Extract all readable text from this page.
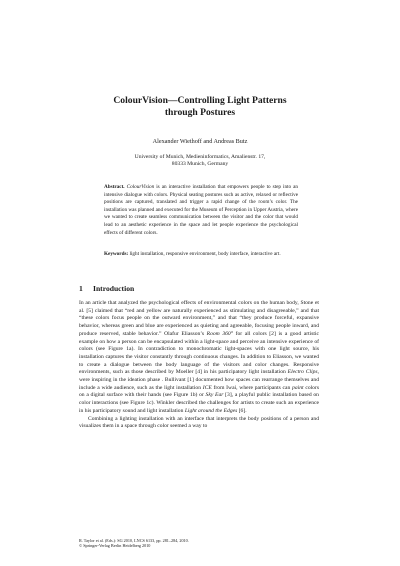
ColourVision—Controlling Light Patterns
through Postures
Alexander Wiethoff and Andreas Butz
University of Munich, Medieninformatics, Amalienstr. 17,
80333 Munich, Germany
Abstract. ColourVision is an interactive installation that empowers people to step into an intensive dialogue with colors. Physical seating postures such as active, relaxed or reflective positions are captured, translated and trigger a rapid change of the room’s color. The installation was planned and executed for the Museum of Perception in Upper Austria, where we wanted to create seamless communication between the visitor and the color that would lead to an aesthetic experience in the space and let people experience the psychological effects of different colors.
Keywords: light installation, responsive environment, body interface, interactive art.
1 Introduction

In an article that analyzed the psychological effects of environmental colors on the human body, Stone et al. [5] claimed that “red and yellow are naturally experienced as stimulating and disagreeable,” and that “these colors focus people on the outward environment,” and that “they produce forceful, expansive behavior, whereas green and blue are experienced as quieting and agreeable, focusing people inward, and produce reserved, stable behavior.” Olafur Eliasson’s Room 360° for all colors [2] is a good artistic example on how a person can be encapsulated within a light-space and perceive an intensive experience of colors (see Figure 1a). In contradiction to monochromatic light-spaces with one light source, his installation captures the visitor constantly through continuous changes. In addition to Eliasson, we wanted to create a dialogue between the body language of the visitors and color changes. Responsive environments, such as those described by Moeller [4] in his participatory light installation Electro Clips, were inspiring in the ideation phase . Bullivant [1] documented how spaces can rearrange themselves and include a wide audience, such as the light installation ICE from Iwai, where participants can paint colors on a digital surface with their hands (see Figure 1b) or Sky Ear [3], a playful public installation based on color interactions (see Figure 1c). Winkler described the challenges for artists to create such an experience in his participatory sound and light installation Light around the Edges [6].

Combining a lighting installation with an interface that interprets the body positions of a person and visualizes them in a space through color seemed a way to

R. Taylor et al. (Eds.): SG 2010, LNCS 6133, pp. 281–284, 2010.
© Springer-Verlag Berlin Heidelberg 2010
